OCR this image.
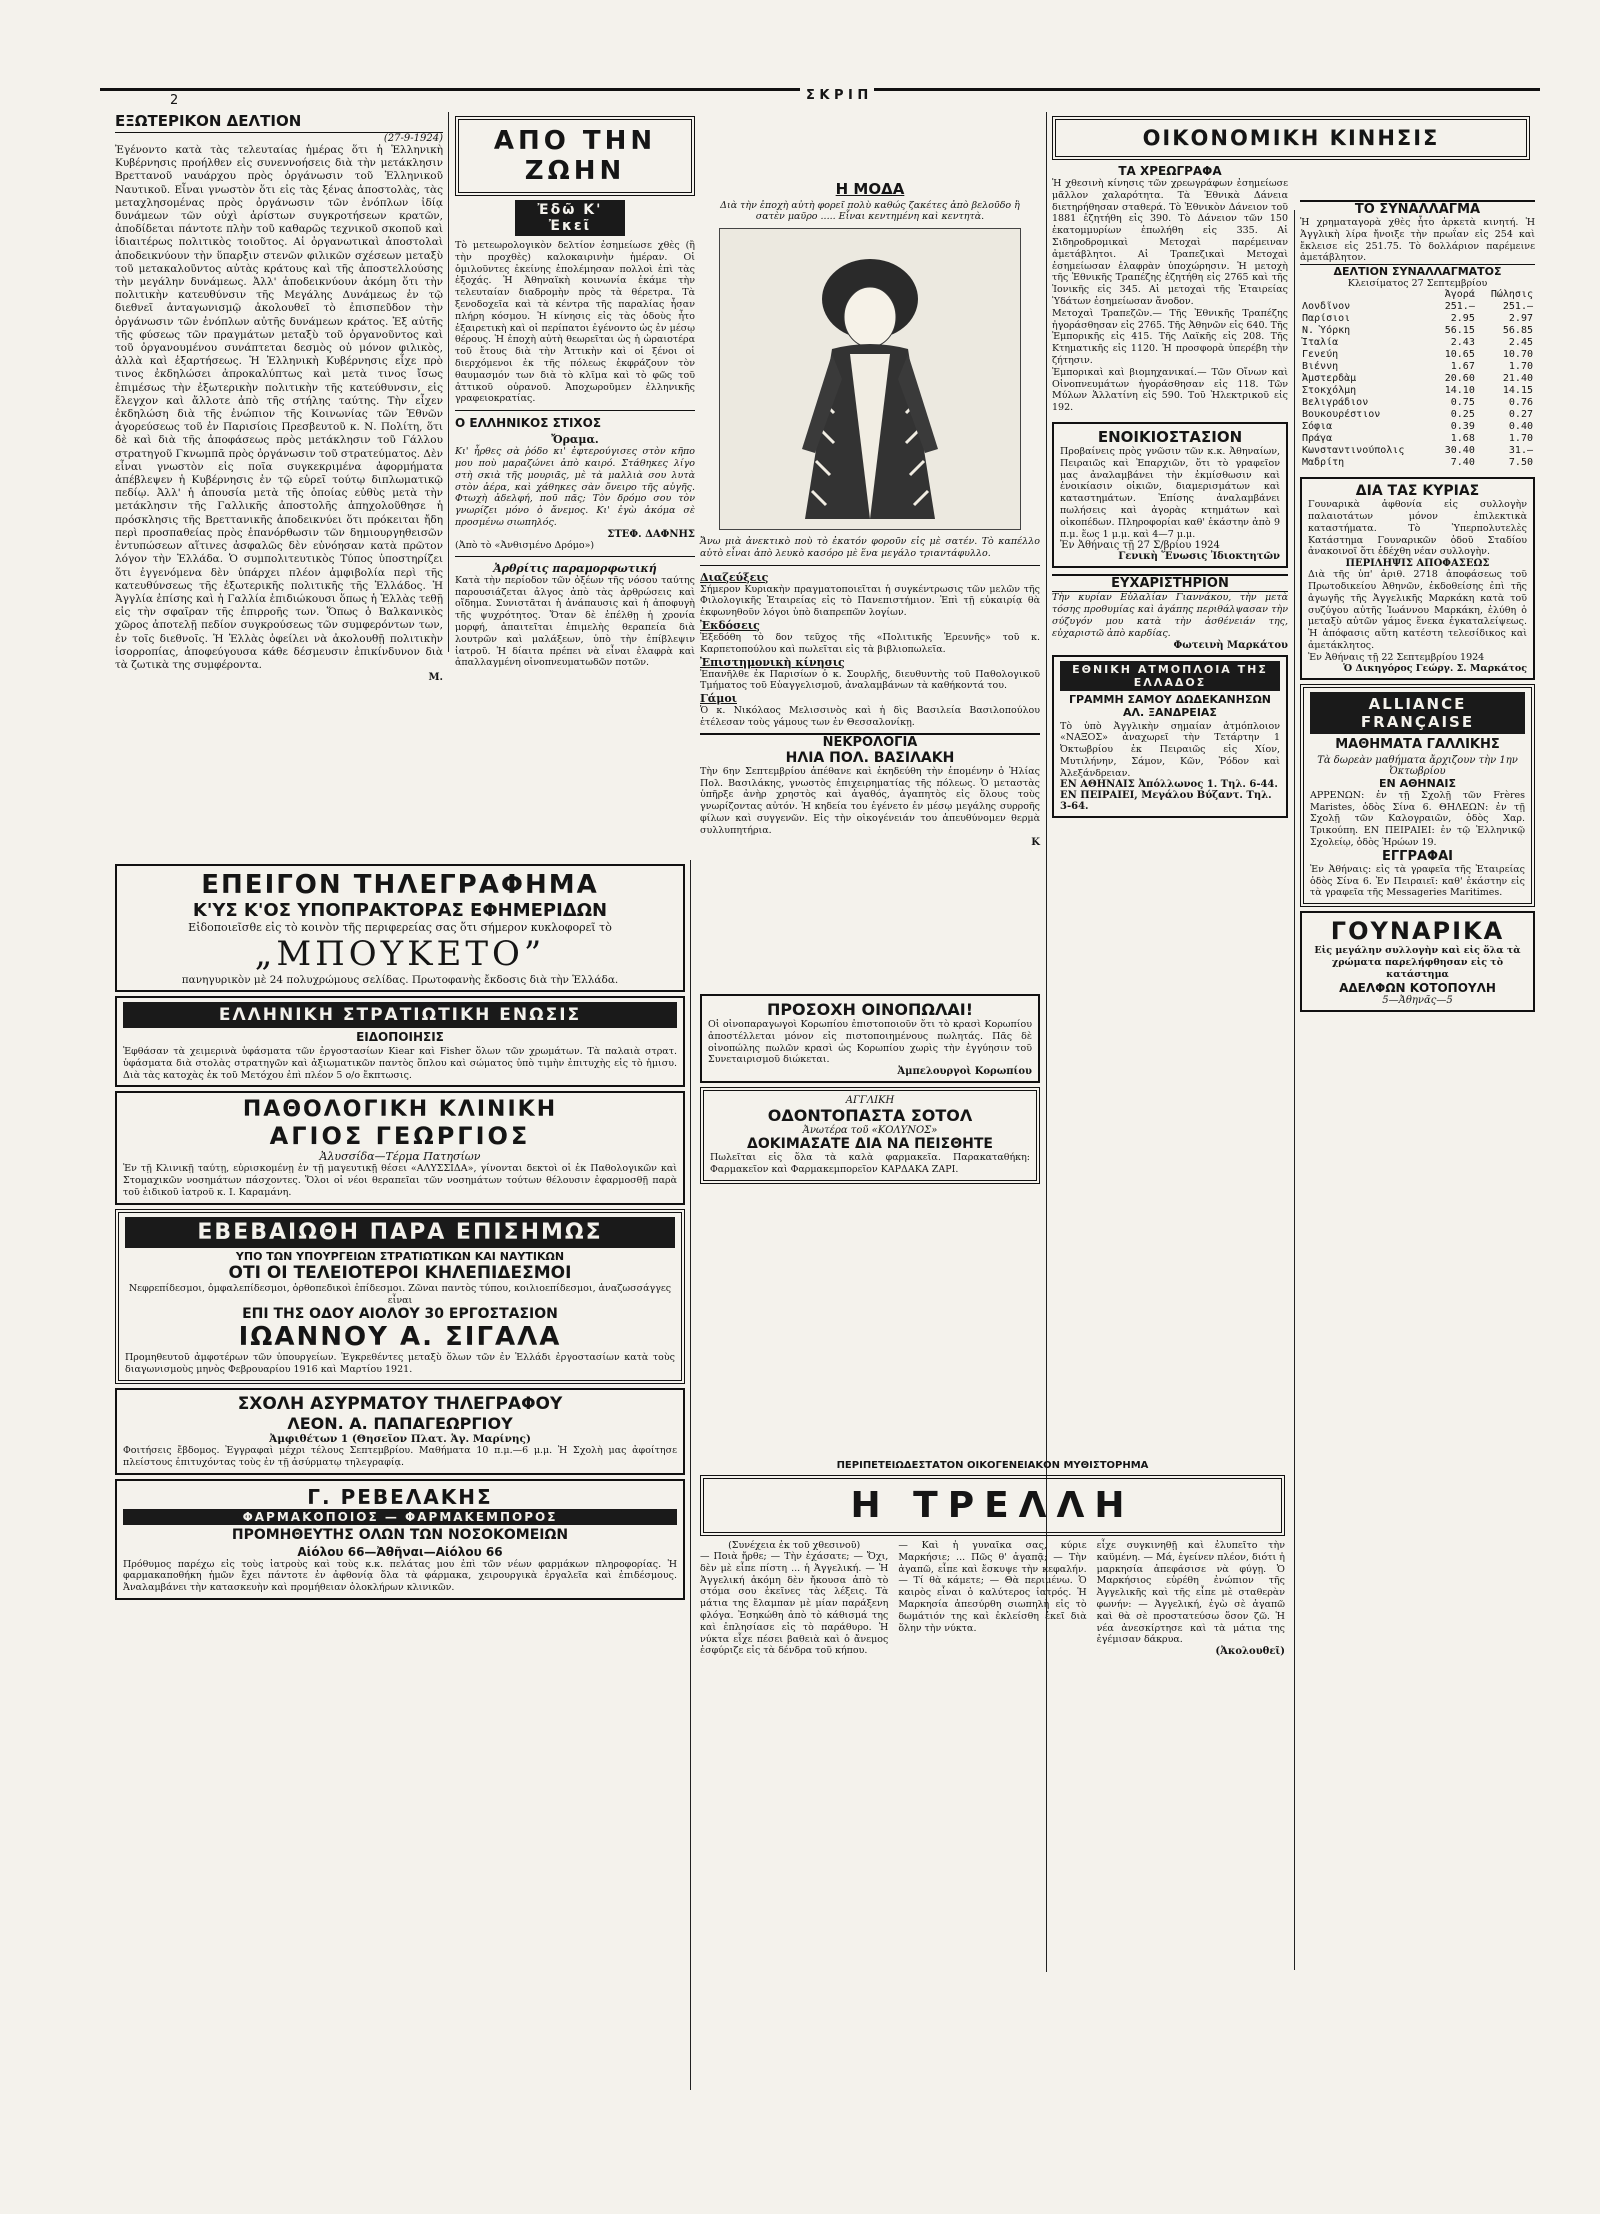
2	Σ Κ Ρ Ι Π
ΕΞΩΤΕΡΙΚΟΝ ΔΕΛΤΙΟΝ
(27-9-1924)

Ἐγένοντο κατὰ τὰς τελευταίας ἡμέρας ὅτι ἡ Ἑλληνικὴ Κυβέρνησις προήλθεν εἰς συνεννοήσεις διὰ τὴν μετάκλησιν Βρεττανοῦ ναυάρχου πρὸς ὀργάνωσιν τοῦ Ἑλληνικοῦ Ναυτικοῦ. Εἶναι γνωστὸν ὅτι εἰς τὰς ξένας ἀποστολὰς, τὰς μεταχλησομένας πρὸς ὀργάνωσιν τῶν ἐνόπλων ἰδίᾳ δυνάμεων τῶν οὐχὶ ἀρίστων συγκροτήσεων κρατῶν, ἀποδίδεται πάντοτε πλὴν τοῦ καθαρῶς τεχνικοῦ σκοποῦ καὶ ἰδιαιτέρως πολιτικὸς τοιοῦτος. Αἱ ὀργανωτικαὶ ἀποστολαὶ ἀποδεικνύουν τὴν ὕπαρξιν στενῶν φιλικῶν σχέσεων μεταξὺ τοῦ μετακαλοῦντος αὐτὰς κράτους καὶ τῆς ἀποστελλούσης τὴν μεγάλην δυνάμεως. Ἀλλ' ἀποδεικνύουν ἀκόμη ὅτι τὴν πολιτικὴν κατευθύνσιν τῆς Μεγάλης Δυνάμεως ἐν τῷ διεθνεῖ ἀνταγωνισμῷ ἀκολουθεῖ τὸ ἐπισπεῦδον τὴν ὀργάνωσιν τῶν ἐνόπλων αὐτῆς δυνάμεων κράτος. Ἐξ αὐτῆς τῆς φύσεως τῶν πραγμάτων μεταξὺ τοῦ ὀργανοῦντος καὶ τοῦ ὀργανουμένου συνάπτεται δεσμὸς οὐ μόνον φιλικὸς, ἀλλὰ καὶ ἐξαρτήσεως. Ἡ Ἑλληνικὴ Κυβέρνησις εἶχε πρὸ τινος ἐκδηλώσει ἀπροκαλύπτως καὶ μετὰ τινος ἴσως ἐπιμέσως τὴν ἐξωτερικὴν πολιτικὴν τῆς κατεύθυνσιν, εἰς ἔλεγχον καὶ ἄλλοτε ἀπὸ τῆς στήλης ταύτης. Τὴν εἶχεν ἐκδηλώση διὰ τῆς ἐνώπιον τῆς Κοινωνίας τῶν Ἐθνῶν ἀγορεύσεως τοῦ ἐν Παρισίοις Πρεσβευτοῦ κ. Ν. Πολίτη, ὅτι δὲ καὶ διὰ τῆς ἀποφάσεως πρὸς μετάκλησιν τοῦ Γάλλου στρατηγοῦ Γκνωμπᾶ πρὸς ὀργάνωσιν τοῦ στρατεύματος. Δὲν εἶναι γνωστὸν εἰς ποῖα συγκεκριμένα ἀφορμήματα ἀπέβλεψεν ἡ Κυβέρνησις ἐν τῷ εὑρεῖ τούτῳ διπλωματικῷ πεδίῳ. Ἀλλ' ἡ ἀπουσία μετὰ τῆς ὁποίας εὐθὺς μετὰ τὴν μετάκλησιν τῆς Γαλλικῆς ἀποστολῆς ἀπηχολοῦθησε ἡ πρόσκλησις τῆς Βρεττανικῆς ἀποδεικνύει ὅτι πρόκειται ἤδη περὶ προσπαθείας πρὸς ἐπανόρθωσιν τῶν δημιουργηθεισῶν ἐντυπώσεων αἵτινες ἀσφαλῶς δὲν εὐνόησαν κατὰ πρῶτον λόγον τὴν Ἑλλάδα. Ὁ συμπολιτευτικὸς Τύπος ὑποστηρίζει ὅτι ἐγγενόμενα δὲν ὑπάρχει πλέον ἀμφιβολία περὶ τῆς κατευθύνσεως τῆς ἐξωτερικῆς πολιτικῆς τῆς Ἑλλάδος. Ἡ Ἀγγλία ἐπίσης καὶ ἡ Γαλλία ἐπιδιώκουσι ὅπως ἡ Ἑλλὰς τεθῇ εἰς τὴν σφαῖραν τῆς ἐπιρροῆς των. Ὅπως ὁ Βαλκανικὸς χῶρος ἀποτελῇ πεδίον συγκρούσεως τῶν συμφερόντων των, ἐν τοῖς διεθνοῖς. Ἡ Ἑλλὰς ὀφείλει νὰ ἀκολουθῇ πολιτικὴν ἰσορροπίας, ἀποφεύγουσα κάθε δέσμευσιν ἐπικίνδυνον διὰ τὰ ζωτικὰ της συμφέροντα.

Μ.
ΑΠΟ ΤΗΝ ΖΩΗΝ
Ἐδῶ Κ' Ἐκεῖ

Τὸ μετεωρολογικὸν δελτίον ἐσημείωσε χθὲς (ἢ τὴν προχθὲς) καλοκαιρινὴν ἡμέραν. Οἱ ὁμιλοῦντες ἐκείνης ἐπολέμησαν πολλοὶ ἐπὶ τὰς ἐξοχάς. Ἡ Ἀθηναϊκὴ κοινωνία ἐκάμε τὴν τελευταίαν διαδρομὴν πρὸς τὰ θέρετρα. Τὰ ξενοδοχεῖα καὶ τὰ κέντρα τῆς παραλίας ἦσαν πλήρη κόσμου. Ἡ κίνησις εἰς τὰς ὁδοὺς ἦτο ἐξαιρετικὴ καὶ οἱ περίπατοι ἐγένοντο ὡς ἐν μέσῳ θέρους. Ἡ ἐποχὴ αὐτὴ θεωρεῖται ὡς ἡ ὡραιοτέρα τοῦ ἔτους διὰ τὴν Ἀττικὴν καὶ οἱ ξένοι οἱ διερχόμενοι ἐκ τῆς πόλεως ἐκφράζουν τὸν θαυμασμόν των διὰ τὸ κλῖμα καὶ τὸ φῶς τοῦ ἀττικοῦ οὐρανοῦ. Ἀποχωροῦμεν ἐλληνικῆς γραφειοκρατίας.

Ο ΕΛΛΗΝΙΚΟΣ ΣΤΙΧΟΣ
Ὄραμα.

Κι' ἦρθες σὰ ῥόδο κι' ἐφτερούγισες στὸν κῆπο μου ποὺ μαραζώνει ἀπὸ καιρό. Στάθηκες λίγο στὴ σκιὰ τῆς μουριᾶς, μὲ τὰ μαλλιὰ σου λυτὰ στὸν ἀέρα, καὶ χάθηκες σὰν ὄνειρο τῆς αὐγῆς. Φτωχὴ ἀδελφή, ποῦ πᾶς; Τὸν δρόμο σου τὸν γνωρίζει μόνο ὁ ἄνεμος. Κι' ἐγὼ ἀκόμα σὲ προσμένω σιωπηλός.

ΣΤΕΦ. ΔΑΦΝΗΣ
(Ἀπὸ τὸ «Ἀνθισμένο Δρόμο»)
Ἀρθρίτις παραμορφωτική

Κατὰ τὴν περίοδον τῶν ὀξέων τῆς νόσου ταύτης παρουσιάζεται ἀλγος ἀπὸ τὰς ἀρθρώσεις καὶ οἴδημα. Συνιστᾶται ἡ ἀνάπαυσις καὶ ἡ ἀποφυγὴ τῆς ψυχρότητος. Ὅταν δὲ ἐπέλθῃ ἡ χρονία μορφή, ἀπαιτεῖται ἐπιμελὴς θεραπεία διὰ λουτρῶν καὶ μαλάξεων, ὑπὸ τὴν ἐπίβλεψιν ἰατροῦ. Ἡ δίαιτα πρέπει νὰ εἶναι ἐλαφρὰ καὶ ἀπαλλαγμένη οἰνοπνευματωδῶν ποτῶν.

Η ΜΟΔΑ
Διὰ τὴν ἐποχὴ αὐτὴ φορεῖ πολὺ καθώς ζακέτες ἀπὸ βελοῦδο ἢ σατὲν μαῦρο ..... Εἶναι κεντημένη καὶ κεντητὰ.

Ἄνω μιὰ ἀνεκτικὸ ποὺ τὸ ἐκατόν φοροῦν εἰς μὲ σατέν. Τὸ καπέλλο αὐτὸ εἶναι ἀπὸ λευκὸ κασόρο μὲ ἕνα μεγάλο τριαντάφυλλο.

Διαζεύξεις

Σήμερον Κυριακὴν πραγματοποιεῖται ἡ συγκέντρωσις τῶν μελῶν τῆς Φιλολογικῆς Ἑταιρείας εἰς τὸ Πανεπιστήμιον. Ἐπὶ τῇ εὐκαιρίᾳ θὰ ἐκφωνηθοῦν λόγοι ὑπὸ διαπρεπῶν λογίων.

Ἐκδόσεις

Ἐξεδόθη τὸ δον τεῦχος τῆς «Πολιτικῆς Ἐρευνῆς» τοῦ κ. Καρπετοπούλου καὶ πωλεῖται εἰς τὰ βιβλιοπωλεῖα.

Ἐπιστημονικὴ κίνησις

Ἐπανῆλθε ἐκ Παρισίων ὁ κ. Σουρλῆς, διευθυντὴς τοῦ Παθολογικοῦ Τμήματος τοῦ Εὐαγγελισμοῦ, ἀναλαμβάνων τὰ καθήκοντά του.

Γάμοι

Ὁ κ. Νικόλαος Μελισσινὸς καὶ ἡ δὶς Βασιλεία Βασιλοπούλου ἐτέλεσαν τοὺς γάμους των ἐν Θεσσαλονίκῃ.

ΝΕΚΡΟΛΟΓΙΑ
ΗΛΙΑ ΠΟΛ. ΒΑΣΙΛΑΚΗ

Τὴν 6ην Σεπτεμβρίου ἀπέθανε καὶ ἐκηδεύθη τὴν ἑπομένην ὁ Ἠλίας Πολ. Βασιλάκης, γνωστὸς ἐπιχειρηματίας τῆς πόλεως. Ὁ μεταστὰς ὑπῆρξε ἀνὴρ χρηστὸς καὶ ἀγαθός, ἀγαπητὸς εἰς ὅλους τοὺς γνωρίζοντας αὐτόν. Ἡ κηδεία του ἐγένετο ἐν μέσῳ μεγάλης συρροῆς φίλων καὶ συγγενῶν. Εἰς τὴν οἰκογένειάν του ἀπευθύνομεν θερμὰ συλλυπητήρια.

Κ
ΟΙΚΟΝΟΜΙΚΗ ΚΙΝΗΣΙΣ
ΤΑ ΧΡΕΩΓΡΑΦΑ

Ἡ χθεσινὴ κίνησις τῶν χρεωγράφων ἐσημείωσε μᾶλλον χαλαρότητα. Τὰ Ἐθνικὰ Δάνεια διετηρήθησαν σταθερά. Τὸ Ἐθνικὸν Δάνειον τοῦ 1881 ἐζητήθη εἰς 390. Τὸ Δάνειον τῶν 150 ἑκατομμυρίων ἐπωλήθη εἰς 335. Αἱ Σιδηροδρομικαὶ Μετοχαὶ παρέμειναν ἀμετάβλητοι. Αἱ Τραπεζικαὶ Μετοχαὶ ἐσημείωσαν ἐλαφρὰν ὑποχώρησιν. Ἡ μετοχὴ τῆς Ἐθνικῆς Τραπέζης ἐζητήθη εἰς 2765 καὶ τῆς Ἰονικῆς εἰς 345. Αἱ μετοχαὶ τῆς Ἑταιρείας Ὑδάτων ἐσημείωσαν ἄνοδον.

Μετοχαὶ Τραπεζῶν.— Τῆς Ἐθνικῆς Τραπέζης ἠγοράσθησαν εἰς 2765. Τῆς Ἀθηνῶν εἰς 640. Τῆς Ἐμπορικῆς εἰς 415. Τῆς Λαϊκῆς εἰς 208. Τῆς Κτηματικῆς εἰς 1120. Ἡ προσφορὰ ὑπερέβη τὴν ζήτησιν.

Ἐμπορικαὶ καὶ βιομηχανικαί.— Τῶν Οἴνων καὶ Οἰνοπνευμάτων ἠγοράσθησαν εἰς 118. Τῶν Μύλων Ἁλλατίνη εἰς 590. Τοῦ Ἠλεκτρικοῦ εἰς 192.

ΕΝΟΙΚΙΟΣΤΑΣΙΟΝ

Προβαίνεις πρὸς γνῶσιν τῶν κ.κ. Ἀθηναίων, Πειραιῶς καὶ Ἐπαρχιῶν, ὅτι τὸ γραφεῖον μας ἀναλαμβάνει τὴν ἐκμίσθωσιν καὶ ἐνοικίασιν οἰκιῶν, διαμερισμάτων καὶ καταστημάτων. Ἐπίσης ἀναλαμβάνει πωλήσεις καὶ ἀγορὰς κτημάτων καὶ οἰκοπέδων. Πληροφορίαι καθ' ἑκάστην ἀπὸ 9 π.μ. ἕως 1 μ.μ. καὶ 4—7 μ.μ.

Ἐν Ἀθήναις τῇ 27 Σ/βρίου 1924
Γενικὴ Ἕνωσις Ἰδιοκτητῶν
ΕΥΧΑΡΙΣΤΗΡΙΟΝ

Τὴν κυρίαν Εὐλαλίαν Γιαννάκου, τὴν μετὰ τόσης προθυμίας καὶ ἀγάπης περιθάλψασαν τὴν σύζυγόν μου κατὰ τὴν ἀσθένειάν της, εὐχαριστῶ ἀπὸ καρδίας.

Φωτεινὴ Μαρκάτου
ΕΘΝΙΚΗ ΑΤΜΟΠΛΟΙΑ ΤΗΣ ΕΛΛΑΔΟΣ
ΓΡΑΜΜΗ ΣΑΜΟΥ ΔΩΔΕΚΑΝΗΣΩΝ ΑΛ. ΞΑΝΔΡΕΙΑΣ

Τὸ ὑπὸ Ἀγγλικὴν σημαίαν ἀτμόπλοιον «ΝΑΞΟΣ» ἀναχωρεῖ τὴν Τετάρτην 1 Ὀκτωβρίου ἐκ Πειραιῶς εἰς Χίον, Μυτιλήνην, Σάμον, Κῶν, Ῥόδον καὶ Ἀλεξάνδρειαν.

ΕΝ ΑΘΗΝΑΙΣ Ἀπόλλωνος 1. Τηλ. 6-44. ΕΝ ΠΕΙΡΑΙΕΙ, Μεγάλου Βύζαντ. Τηλ. 3-64.
ΤΟ ΣΥΝΑΛΛΑΓΜΑ

Ἡ χρηματαγορὰ χθὲς ἦτο ἀρκετὰ κινητή. Ἡ Ἀγγλικὴ λίρα ἤνοιξε τὴν πρωΐαν εἰς 254 καὶ ἔκλεισε εἰς 251.75. Τὸ δολλάριον παρέμεινε ἀμετάβλητον.

ΔΕΛΤΙΟΝ ΣΥΝΑΛΛΑΓΜΑΤΟΣ
Κλεισίματος 27 Σεπτεμβρίου
	Ἀγορά	Πώλησις
Λονδῖνον	251.—	251.—
Παρίσιοι	2.95	2.97
Ν. Ὑόρκη	56.15	56.85
Ἰταλία	2.43	2.45
Γενεύη	10.65	10.70
Βιέννη	1.67	1.70
Ἀμστερδὰμ	20.60	21.40
Στοκχόλμη	14.10	14.15
Βελιγράδιον	0.75	0.76
Βουκουρέστιον	0.25	0.27
Σόφια	0.39	0.40
Πράγα	1.68	1.70
Κωνσταντινούπολις	30.40	31.—
Μαδρίτη	7.40	7.50
ΔΙΑ ΤΑΣ ΚΥΡΙΑΣ

Γουναρικὰ ἀφθονία εἰς συλλογὴν παλαιοτάτων μόνον ἐπιλεκτικὰ καταστήματα. Τὸ Ὑπερπολυτελὲς Κατάστημα Γουναρικῶν ὁδοῦ Σταδίου ἀνακοινοῖ ὅτι ἐδέχθη νέαν συλλογὴν.

ΠΕΡΙΛΗΨΙΣ ΑΠΟΦΑΣΕΩΣ

Διὰ τῆς ὑπ' ἀριθ. 2718 ἀποφάσεως τοῦ Πρωτοδικείου Ἀθηνῶν, ἐκδοθείσης ἐπὶ τῆς ἀγωγῆς τῆς Ἀγγελικῆς Μαρκάκη κατὰ τοῦ συζύγου αὐτῆς Ἰωάννου Μαρκάκη, ἐλύθη ὁ μεταξὺ αὐτῶν γάμος ἕνεκα ἐγκαταλείψεως. Ἡ ἀπόφασις αὕτη κατέστη τελεσίδικος καὶ ἀμετάκλητος.

Ἐν Ἀθήναις τῇ 22 Σεπτεμβρίου 1924
Ὁ Δικηγόρος Γεώργ. Σ. Μαρκάτος
ALLIANCE FRANÇAISE
ΜΑΘΗΜΑΤΑ ΓΑΛΛΙΚΗΣ
Τὰ δωρεὰν μαθήματα ἄρχιζουν τὴν 1ην Ὀκτωβρίου
ΕΝ ΑΘΗΝΑΙΣ

ΑΡΡΕΝΩΝ: ἐν τῇ Σχολῇ τῶν Frères Maristes, ὁδὸς Σίνα 6. ΘΗΛΕΩΝ: ἐν τῇ Σχολῇ τῶν Καλογραιῶν, ὁδὸς Χαρ. Τρικούπη. ΕΝ ΠΕΙΡΑΙΕΙ: ἐν τῷ Ἐλληνικῷ Σχολείῳ, ὁδὸς Ἡρώων 19.

ΕΓΓΡΑΦΑΙ

Ἐν Ἀθήναις: εἰς τὰ γραφεῖα τῆς Ἑταιρείας ὁδὸς Σίνα 6. Ἐν Πειραιεῖ: καθ' ἑκάστην εἰς τὰ γραφεῖα τῆς Messageries Maritimes.

ΓΟΥΝΑΡΙΚΑ

Εἰς μεγάλην συλλογὴν καὶ εἰς ὅλα τὰ χρώματα παρελήφθησαν εἰς τὸ κατάστημα

ΑΔΕΛΦΩΝ ΚΟΤΟΠΟΥΛΗ
5—Ἀθηνᾶς—5
ΕΠΕΙΓΟΝ ΤΗΛΕΓΡΑΦΗΜΑ
Κ'ΥΣ Κ'ΟΣ ΥΠΟΠΡΑΚΤΟΡΑΣ ΕΦΗΜΕΡΙΔΩΝ
Εἰδοποιεῖσθε εἰς τὸ κοινὸν τῆς περιφερείας σας ὅτι σήμερον κυκλοφορεῖ τὸ
„ΜΠΟΥΚΕΤΟ”
πανηγυρικὸν μὲ 24 πολυχρώμους σελίδας. Πρωτοφανὴς ἔκδοσις διὰ τὴν Ἑλλάδα.
ΕΛΛΗΝΙΚΗ ΣΤΡΑΤΙΩΤΙΚΗ ΕΝΩΣΙΣ
ΕΙΔΟΠΟΙΗΣΙΣ

Ἐφθάσαν τὰ χειμερινὰ ὑφάσματα τῶν ἐργοστασίων Kiear καὶ Fisher ὅλων τῶν χρωμάτων. Τὰ παλαιὰ στρατ. ὑφάσματα διὰ στολὰς στρατηγῶν καὶ ἀξιωματικῶν παντὸς ὅπλου καὶ σώματος ὑπὸ τιμὴν ἐπιτυχὴς εἰς τὸ ἡμισυ. Διὰ τὰς κατοχὰς ἐκ τοῦ Μετόχου ἐπὶ πλέον 5 ο/ο ἔκπτωσις.

ΠΑΘΟΛΟΓΙΚΗ ΚΛΙΝΙΚΗ
ΑΓΙΟΣ ΓΕΩΡΓΙΟΣ
Ἀλυσσίδα—Τέρμα Πατησίων

Ἐν τῇ Κλινικῇ ταύτῃ, εὑρισκομένῃ ἐν τῇ μαγευτικῇ θέσει «ΑΛΥΣΣΙΔΑ», γίνονται δεκτοὶ οἱ ἐκ Παθολογικῶν καὶ Στομαχικῶν νοσημάτων πάσχοντες. Ὅλοι οἱ νέοι θεραπεῖαι τῶν νοσημάτων τούτων θέλουσιν ἐφαρμοσθῇ παρὰ τοῦ ἐιδικοῦ ἰατροῦ κ. Ι. Καραμάνη.

ΕΒΕΒΑΙΩΘΗ ΠΑΡΑ ΕΠΙΣΗΜΩΣ
ΥΠΟ ΤΩΝ ΥΠΟΥΡΓΕΙΩΝ ΣΤΡΑΤΙΩΤΙΚΩΝ ΚΑΙ ΝΑΥΤΙΚΩΝ
ΟΤΙ ΟΙ ΤΕΛΕΙΟΤΕΡΟΙ ΚΗΛΕΠΙΔΕΣΜΟΙ

Νεφρεπίδεσμοι, ὀμφαλεπίδεσμοι, ὀρθοπεδικοὶ ἐπίδεσμοι. Ζῶναι παντὸς τύπου, κοιλιοεπίδεσμοι, ἀναζωσσάγγες εἶναι

ΕΠΙ ΤΗΣ ΟΔΟΥ ΑΙΟΛΟΥ 30 ΕΡΓΟΣΤΑΣΙΟΝ
ΙΩΑΝΝΟΥ Α. ΣΙΓΑΛΑ

Προμηθευτοῦ ἀμφοτέρων τῶν ὑπουργείων. Ἐγκρεθέντες μεταξὺ ὅλων τῶν ἐν Ἑλλάδι ἐργοστασίων κατὰ τοὺς διαγωνισμοὺς μηνὸς Φεβρουαρίου 1916 καὶ Μαρτίου 1921.

ΣΧΟΛΗ ΑΣΥΡΜΑΤΟΥ ΤΗΛΕΓΡΑΦΟΥ
ΛΕΟΝ. Α. ΠΑΠΑΓΕΩΡΓΙΟΥ
Ἀμφιθέτων 1 (Θησεῖον Πλατ. Ἁγ. Μαρίνης)

Φοιτήσεις ἔβδομος. Ἐγγραφαὶ μέχρι τέλους Σεπτεμβρίου. Μαθήματα 10 π.μ.—6 μ.μ. Ἡ Σχολὴ μας ἀφοίτησε πλείστους ἐπιτυχόντας τοὺς ἐν τῇ ἀσύρματῳ τηλεγραφίᾳ.

Γ. ΡΕΒΕΛΑΚΗΣ
ΦΑΡΜΑΚΟΠΟΙΟΣ — ΦΑΡΜΑΚΕΜΠΟΡΟΣ
ΠΡΟΜΗΘΕΥΤΗΣ ΟΛΩΝ ΤΩΝ ΝΟΣΟΚΟΜΕΙΩΝ
Αἰόλου 66—Ἀθῆναι—Αἰόλου 66

Πρόθυμος παρέχω εἰς τοὺς ἰατροὺς καὶ τοὺς κ.κ. πελάτας μου ἐπὶ τῶν νέων φαρμάκων πληροφορίας. Ἡ φαρμακαποθήκη ἡμῶν ἔχει πάντοτε ἐν ἀφθονίᾳ ὅλα τὰ φάρμακα, χειρουργικὰ ἐργαλεῖα καὶ ἐπιδέσμους. Ἀναλαμβάνει τὴν κατασκευὴν καὶ προμήθειαν ὁλοκλήρων κλινικῶν.

ΠΡΟΣΟΧΗ ΟΙΝΟΠΩΛΑΙ!

Οἱ οἰνοπαραγωγοὶ Κορωπίου ἐπιστοποιοῦν ὅτι τὸ κρασὶ Κορωπίου ἀποστέλλεται μόνον εἰς πιστοποιημένους πωλητάς. Πᾶς δὲ οἰνοπώλης πωλῶν κρασὶ ὡς Κορωπίου χωρὶς τὴν ἐγγύησιν τοῦ Συνεταιρισμοῦ διώκεται.

Ἀμπελουργοὶ Κορωπίου
ΑΓΓΛΙΚΗ
ΟΔΟΝΤΟΠΑΣΤΑ ΣΟΤΟΛ
Ἀνωτέρα τοῦ «ΚΟΛΥΝΟΣ»
ΔΟΚΙΜΑΣΑΤΕ ΔΙΑ ΝΑ ΠΕΙΣΘΗΤΕ

Πωλεῖται εἰς ὅλα τὰ καλὰ φαρμακεῖα. Παρακαταθήκη: Φαρμακεῖον καὶ Φαρμακεμπορεῖον ΚΑΡΔΑΚΑ ΖΑΡΙ.

ΠΕΡΙΠΕΤΕΙΩΔΕΣΤΑΤΟΝ ΟΙΚΟΓΕΝΕΙΑΚΟΝ ΜΥΘΙΣΤΟΡΗΜΑ
Η ΤΡΕΛΛΗ
(Συνέχεια ἐκ τοῦ χθεσινοῦ)

— Ποιὰ ἤρθε; — Τὴν ἐχάσατε; — Ὄχι, δὲν μὲ εἶπε πίστη ... ἡ Ἀγγελική. — Ἡ Ἀγγελική ἀκόμη δὲν ἤκουσα ἀπὸ τὸ στόμα σου ἐκεῖνες τὰς λέξεις. Τὰ μάτια της ἔλαμπαν μὲ μίαν παράξενη φλόγα. Ἐσηκώθη ἀπὸ τὸ κάθισμά της καὶ ἐπλησίασε εἰς τὸ παράθυρο. Ἡ νύκτα εἶχε πέσει βαθειὰ καὶ ὁ ἄνεμος ἐσφύριζε εἰς τὰ δένδρα τοῦ κήπου.

— Καὶ ἡ γυναῖκα σας, κύριε Μαρκήσιε; ... Πῶς θ' ἀγαπᾷ; — Τὴν ἀγαπῶ, εἶπε καὶ ἔσκυψε τὴν κεφαλήν. — Τί θὰ κάμετε; — Θὰ περιμένω. Ὁ καιρὸς εἶναι ὁ καλύτερος ἰατρός. Ἡ Μαρκησία ἀπεσύρθη σιωπηλὴ εἰς τὸ δωμάτιόν της καὶ ἐκλείσθη ἐκεῖ διὰ ὅλην τὴν νύκτα.

εἶχε συγκινηθῇ καὶ ἐλυπεῖτο τὴν καϋμένη. — Μά, ἐγείνεν πλέον, διότι ἡ μαρκησία ἀπεφάσισε νὰ φύγῃ. Ὁ Μαρκήσιος εὑρέθη ἐνώπιον τῆς Ἀγγελικῆς καὶ τῆς εἶπε μὲ σταθερὰν φωνήν: — Ἀγγελική, ἐγὼ σὲ ἀγαπῶ καὶ θὰ σὲ προστατεύσω ὅσον ζῶ. Ἡ νέα ἀνεσκίρτησε καὶ τὰ μάτια της ἐγέμισαν δάκρυα.

(Ἀκολουθεῖ)
